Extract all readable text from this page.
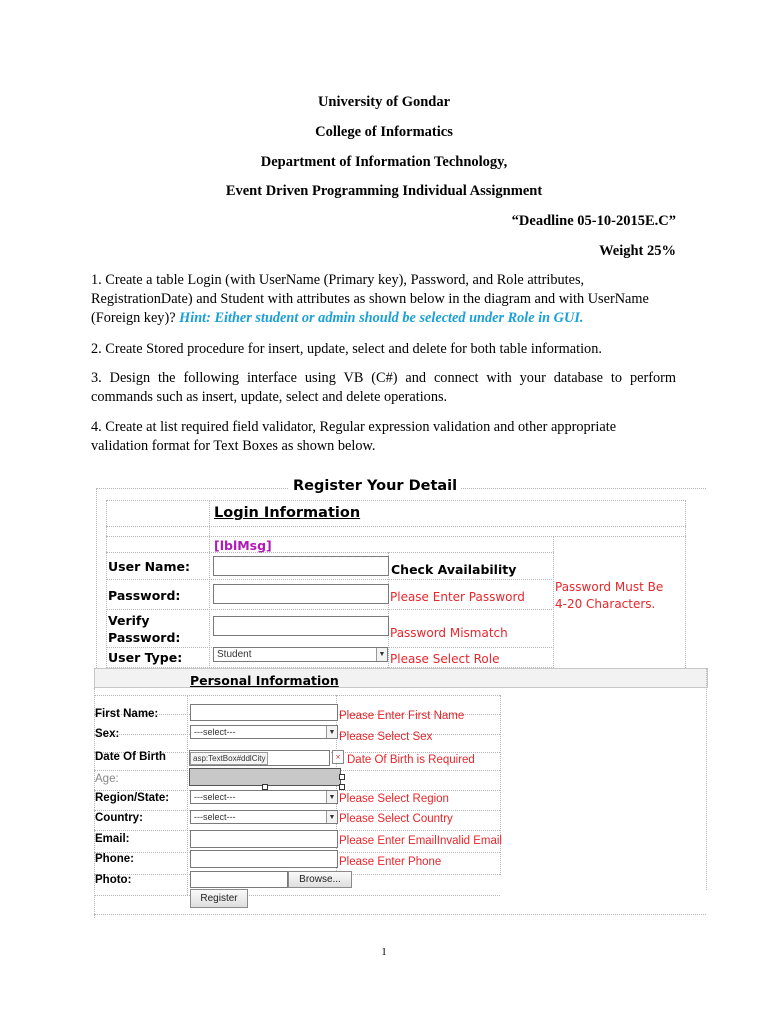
University of Gondar
College of Informatics
Department of Information Technology,
Event Driven Programming Individual Assignment
“Deadline 05-10-2015E.C”
Weight 25%
1. Create a table Login (with UserName (Primary key), Password, and Role attributes, RegistrationDate) and Student with attributes as shown below in the diagram and with UserName (Foreign key)? Hint: Either student or admin should be selected under Role in GUI.
2. Create Stored procedure for insert, update, select and delete for both table information.
3. Design the following interface using VB (C#) and connect with your database to perform commands such as insert, update, select and delete operations.
4. Create at list required field validator, Regular expression validation and other appropriate validation format for Text Boxes as shown below.
Register Your Detail
Login Information
[lblMsg]
User Name:	Check Availability
Password Must Be
4-20 Characters.
Password:	Please Enter Password
Verify
Password:	Password Mismatch
User Type:	Student	▼ Please Select Role
Personal Information
First Name:	Please Enter First Name
Sex:	---select---	▼ Please Select Sex
Date Of Birth	asp:TextBox#ddlCity	× Date Of Birth is Required
Age:
Region/State:	---select---	▼ Please Select Region
Country:	---select---	▼ Please Select Country
Email:	Please Enter EmailInvalid Email
Phone:	Please Enter Phone
Photo:	Browse...
Register
1
